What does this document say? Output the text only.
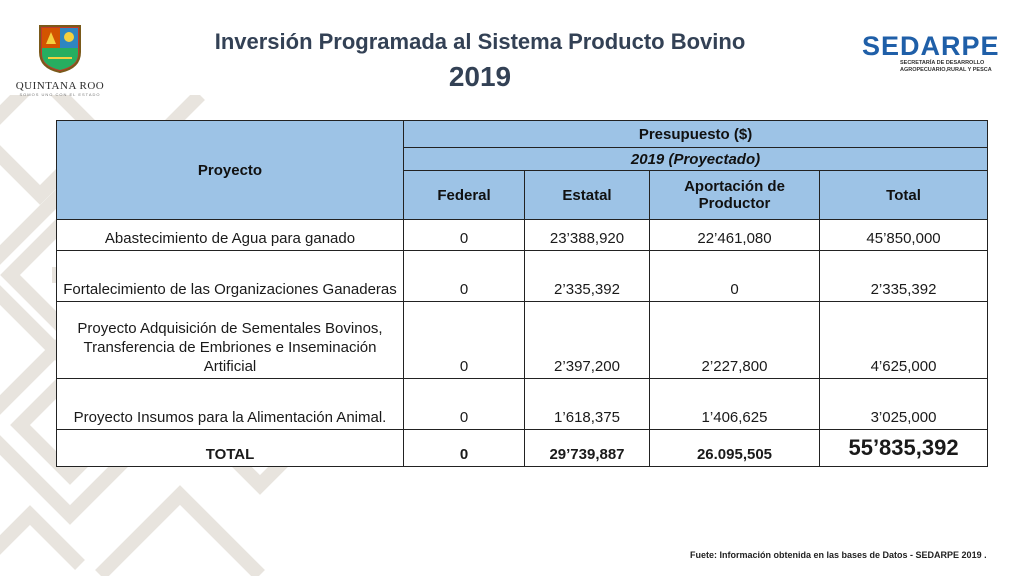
QUINTANA ROO
SOMOS UNO CON EL ESTADO
Inversión Programada al Sistema Producto Bovino
2019
SEDARPE
SECRETARÍA DE DESARROLLO
AGROPECUARIO,RURAL Y PESCA
Proyecto	Presupuesto ($)			
	2019 (Proyectado)			
	Federal	Estatal	Aportación de Productor	Total
Abastecimiento de Agua para ganado	0	23’388,920	22’461,080	45’850,000
Fortalecimiento de las Organizaciones Ganaderas	0	2’335,392	0	2’335,392
Proyecto Adquisición de Sementales Bovinos, Transferencia de Embriones e Inseminación Artificial	0	2’397,200	2’227,800	4’625,000
Proyecto Insumos para la Alimentación Animal.	0	1’618,375	1’406,625	3’025,000
TOTAL	0	29’739,887	26.095,505	55’835,392
Fuete: Información obtenida en las bases de Datos - SEDARPE 2019 .
